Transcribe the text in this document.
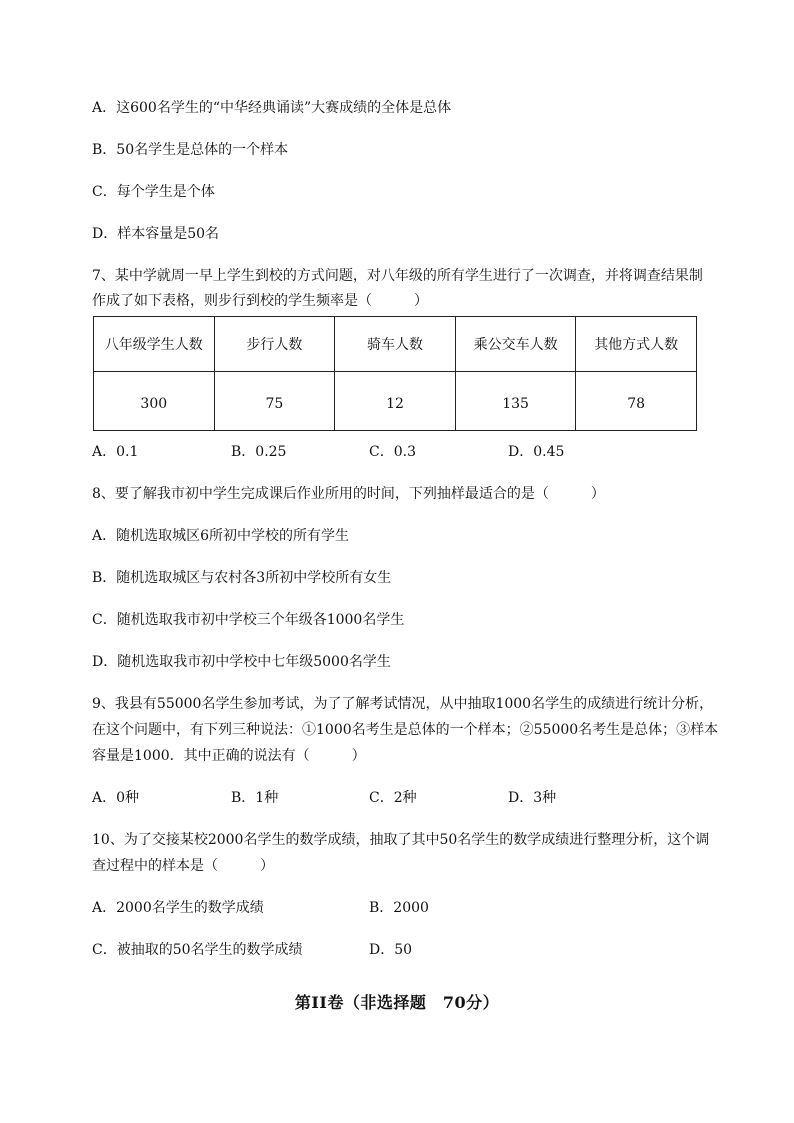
A．这600名学生的“中华经典诵读”大赛成绩的全体是总体
B．50名学生是总体的一个样本
C．每个学生是个体
D．样本容量是50名
7、某中学就周一早上学生到校的方式问题，对八年级的所有学生进行了一次调查，并将调查结果制
作成了如下表格，则步行到校的学生频率是（　　　）
八年级学生人数	步行人数	骑车人数	乘公交车人数	其他方式人数
300	75	12	135	78
A．0.1	B．0.25	C．0.3	D．0.45
8、要了解我市初中学生完成课后作业所用的时间，下列抽样最适合的是（　　　）
A．随机选取城区6所初中学校的所有学生
B．随机选取城区与农村各3所初中学校所有女生
C．随机选取我市初中学校三个年级各1000名学生
D．随机选取我市初中学校中七年级5000名学生
9、我县有55000名学生参加考试，为了了解考试情况，从中抽取1000名学生的成绩进行统计分析，
在这个问题中，有下列三种说法：①1000名考生是总体的一个样本；②55000名考生是总体；③样本
容量是1000．其中正确的说法有（　　　）
A．0种	B．1种	C．2种	D．3种
10、为了交接某校2000名学生的数学成绩，抽取了其中50名学生的数学成绩进行整理分析，这个调
查过程中的样本是（　　　）
A．2000名学生的数学成绩	B．2000
C．被抽取的50名学生的数学成绩	D．50
第II卷（非选择题　70分）
